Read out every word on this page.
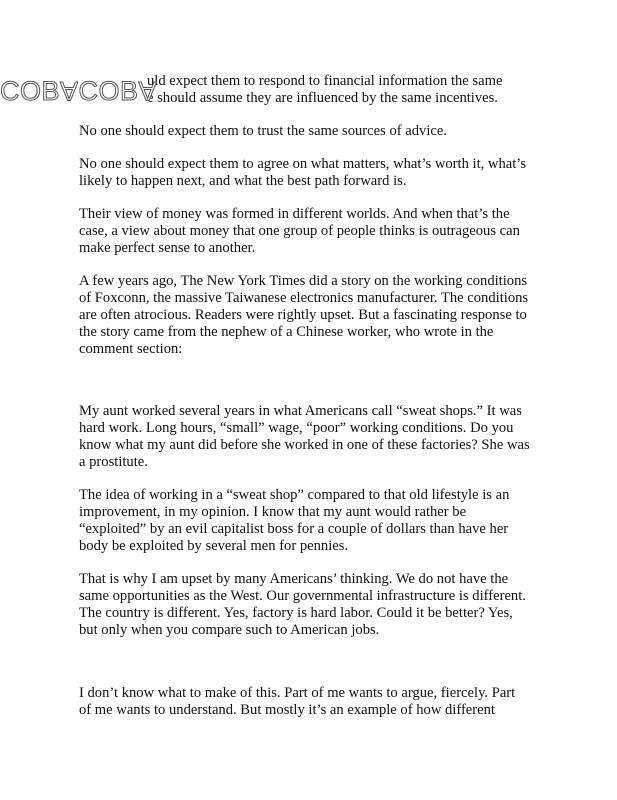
uld expect them to respond to financial information the same
e should assume they are influenced by the same incentives.

COBACOBA

No one should expect them to trust the same sources of advice.

No one should expect them to agree on what matters, what’s worth it, what’s
likely to happen next, and what the best path forward is.

Their view of money was formed in different worlds. And when that’s the
case, a view about money that one group of people thinks is outrageous can
make perfect sense to another.

A few years ago, The New York Times did a story on the working conditions
of Foxconn, the massive Taiwanese electronics manufacturer. The conditions
are often atrocious. Readers were rightly upset. But a fascinating response to
the story came from the nephew of a Chinese worker, who wrote in the
comment section:

My aunt worked several years in what Americans call “sweat shops.” It was
hard work. Long hours, “small” wage, “poor” working conditions. Do you
know what my aunt did before she worked in one of these factories? She was
a prostitute.

The idea of working in a “sweat shop” compared to that old lifestyle is an
improvement, in my opinion. I know that my aunt would rather be
“exploited” by an evil capitalist boss for a couple of dollars than have her
body be exploited by several men for pennies.

That is why I am upset by many Americans’ thinking. We do not have the
same opportunities as the West. Our governmental infrastructure is different.
The country is different. Yes, factory is hard labor. Could it be better? Yes,
but only when you compare such to American jobs.

I don’t know what to make of this. Part of me wants to argue, fiercely. Part
of me wants to understand. But mostly it’s an example of how different
